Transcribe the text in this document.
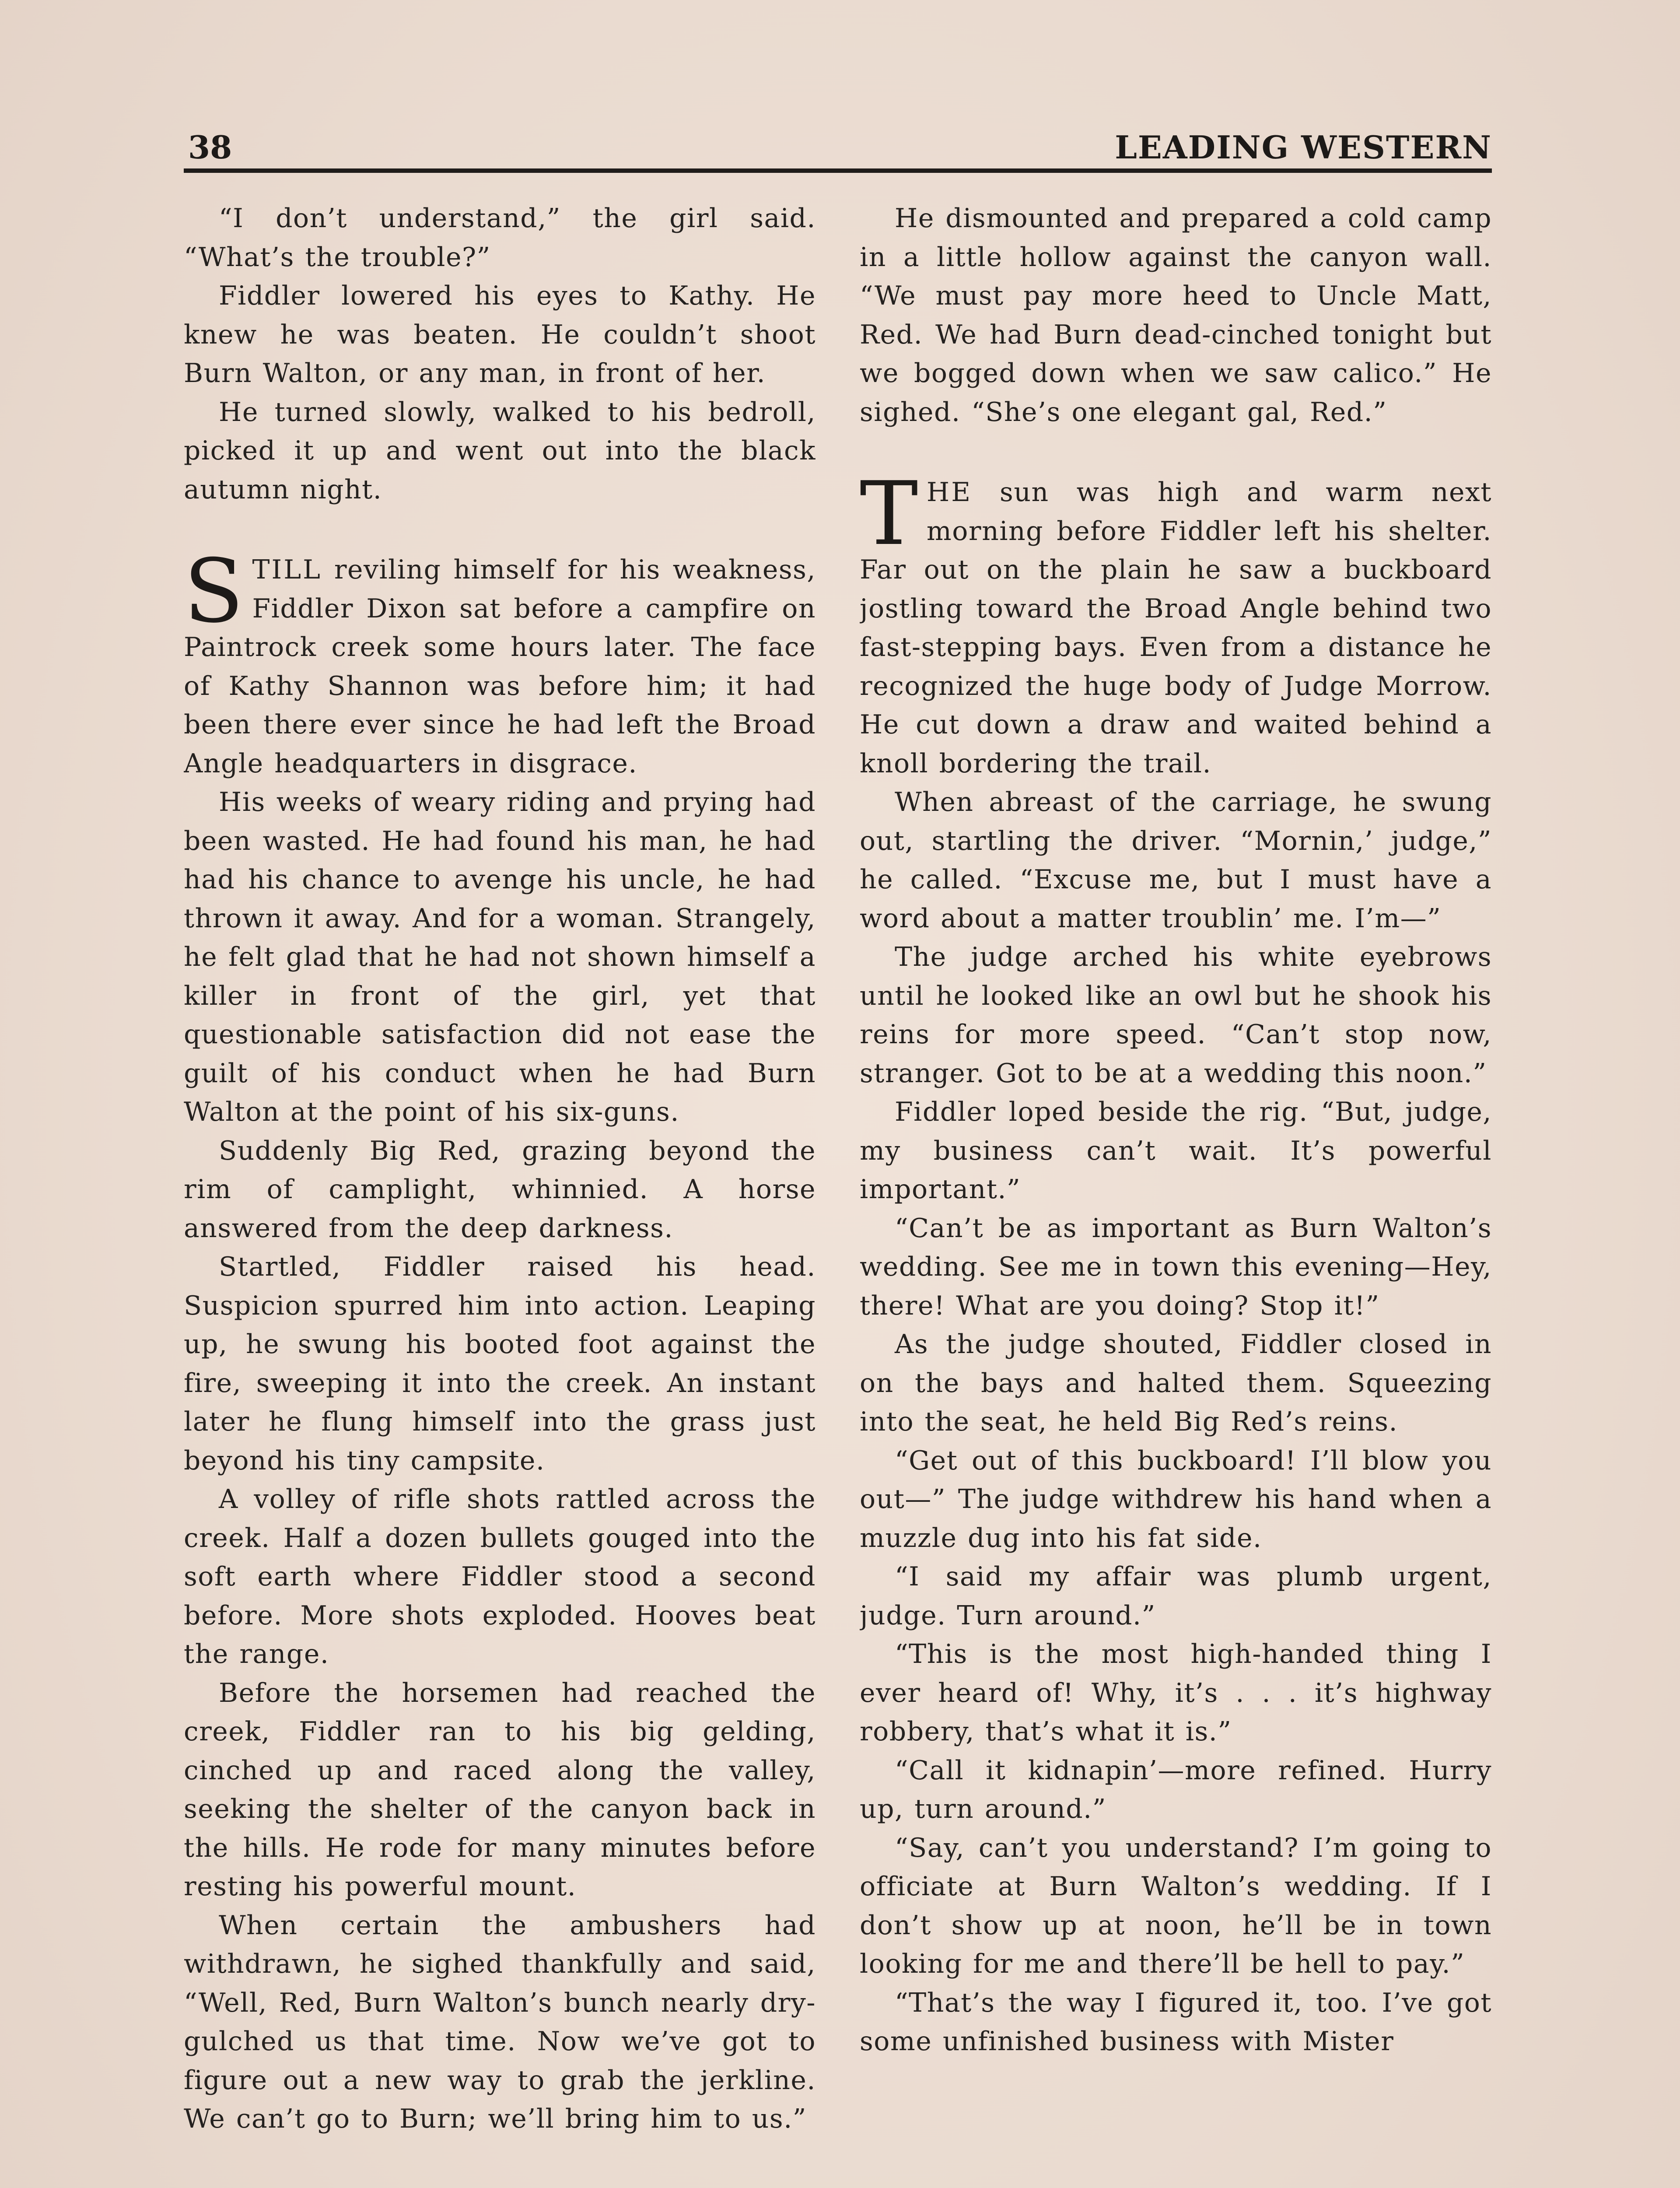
38	LEADING WESTERN

“I don’t understand,” the girl said. “What’s the trouble?”

Fiddler lowered his eyes to Kathy. He knew he was beaten. He couldn’t shoot Burn Walton, or any man, in front of her.

He turned slowly, walked to his bedroll, picked it up and went out into the black autumn night.

STILL reviling himself for his weakness, Fiddler Dixon sat before a campfire on Paintrock creek some hours later. The face of Kathy Shannon was before him; it had been there ever since he had left the Broad Angle headquarters in disgrace.

His weeks of weary riding and prying had been wasted. He had found his man, he had had his chance to avenge his uncle, he had thrown it away. And for a woman. Strangely, he felt glad that he had not shown himself a killer in front of the girl, yet that questionable satisfaction did not ease the guilt of his conduct when he had Burn Walton at the point of his six-guns.

Suddenly Big Red, grazing beyond the rim of camplight, whinnied. A horse answered from the deep darkness.

Startled, Fiddler raised his head. Suspicion spurred him into action. Leaping up, he swung his booted foot against the fire, sweeping it into the creek. An instant later he flung himself into the grass just beyond his tiny campsite.

A volley of rifle shots rattled across the creek. Half a dozen bullets gouged into the soft earth where Fiddler stood a second before. More shots exploded. Hooves beat the range.

Before the horsemen had reached the creek, Fiddler ran to his big gelding, cinched up and raced along the valley, seeking the shelter of the canyon back in the hills. He rode for many minutes before resting his powerful mount.

When certain the ambushers had withdrawn, he sighed thankfully and said, “Well, Red, Burn Walton’s bunch nearly dry-gulched us that time. Now we’ve got to figure out a new way to grab the jerkline. We can’t go to Burn; we’ll bring him to us.”

He dismounted and prepared a cold camp in a little hollow against the canyon wall. “We must pay more heed to Uncle Matt, Red. We had Burn dead-cinched tonight but we bogged down when we saw calico.” He sighed. “She’s one elegant gal, Red.”

THE sun was high and warm next morning before Fiddler left his shelter. Far out on the plain he saw a buckboard jostling toward the Broad Angle behind two fast-stepping bays. Even from a distance he recognized the huge body of Judge Morrow. He cut down a draw and waited behind a knoll bordering the trail.

When abreast of the carriage, he swung out, startling the driver. “Mornin,’ judge,” he called. “Excuse me, but I must have a word about a matter troublin’ me. I’m—”

The judge arched his white eyebrows until he looked like an owl but he shook his reins for more speed. “Can’t stop now, stranger. Got to be at a wedding this noon.”

Fiddler loped beside the rig. “But, judge, my business can’t wait. It’s powerful important.”

“Can’t be as important as Burn Walton’s wedding. See me in town this evening—Hey, there! What are you doing? Stop it!”

As the judge shouted, Fiddler closed in on the bays and halted them. Squeezing into the seat, he held Big Red’s reins.

“Get out of this buckboard! I’ll blow you out—” The judge withdrew his hand when a muzzle dug into his fat side.

“I said my affair was plumb urgent, judge. Turn around.”

“This is the most high-handed thing I ever heard of! Why, it’s . . . it’s highway robbery, that’s what it is.”

“Call it kidnapin’—more refined. Hurry up, turn around.”

“Say, can’t you understand? I’m going to officiate at Burn Walton’s wedding. If I don’t show up at noon, he’ll be in town looking for me and there’ll be hell to pay.”

“That’s the way I figured it, too. I’ve got some unfinished business with Mister
